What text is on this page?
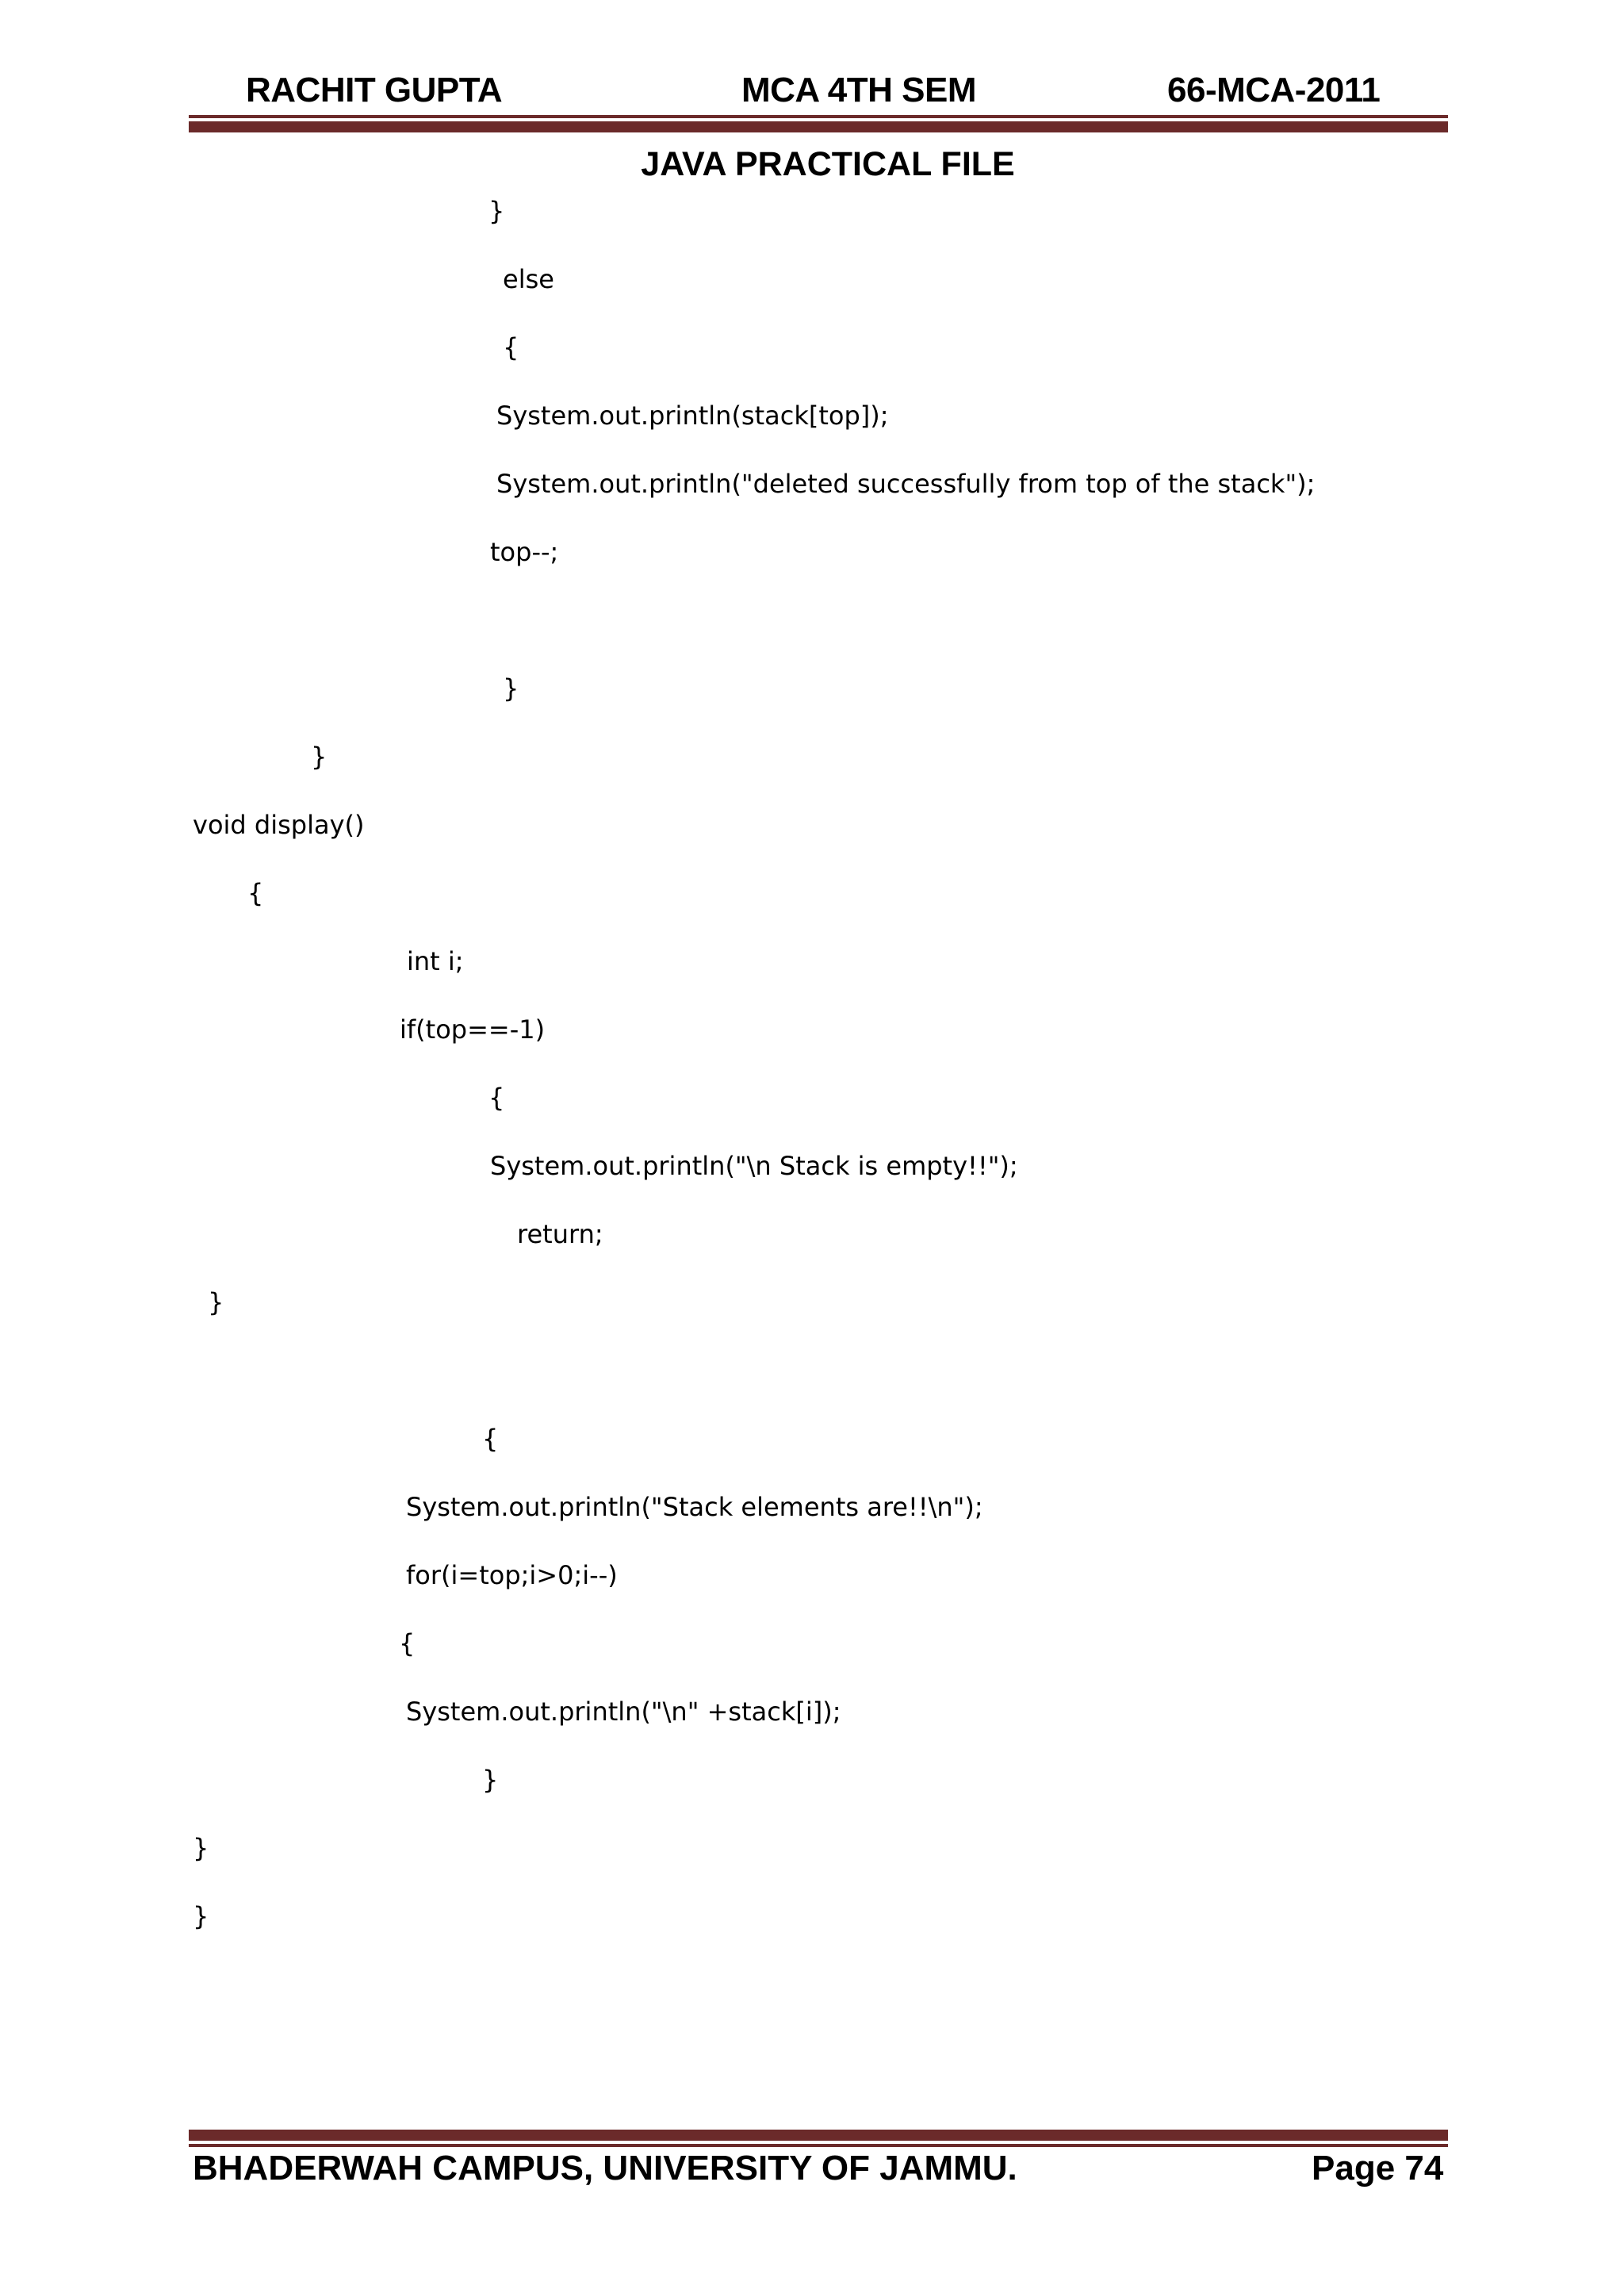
RACHIT GUPTA	MCA 4TH SEM	66-MCA-2011
JAVA PRACTICAL FILE
}
else
{
System.out.println(stack[top]);
System.out.println("deleted successfully from top of the stack");
top--;
}
}
void display()
{
int i;
if(top==-1)
{
System.out.println("\n Stack is empty!!");
return;
}
{
System.out.println("Stack elements are!!\n");
for(i=top;i>0;i--)
{
System.out.println("\n" +stack[i]);
}
}
}
BHADERWAH CAMPUS, UNIVERSITY OF JAMMU.	Page 74
